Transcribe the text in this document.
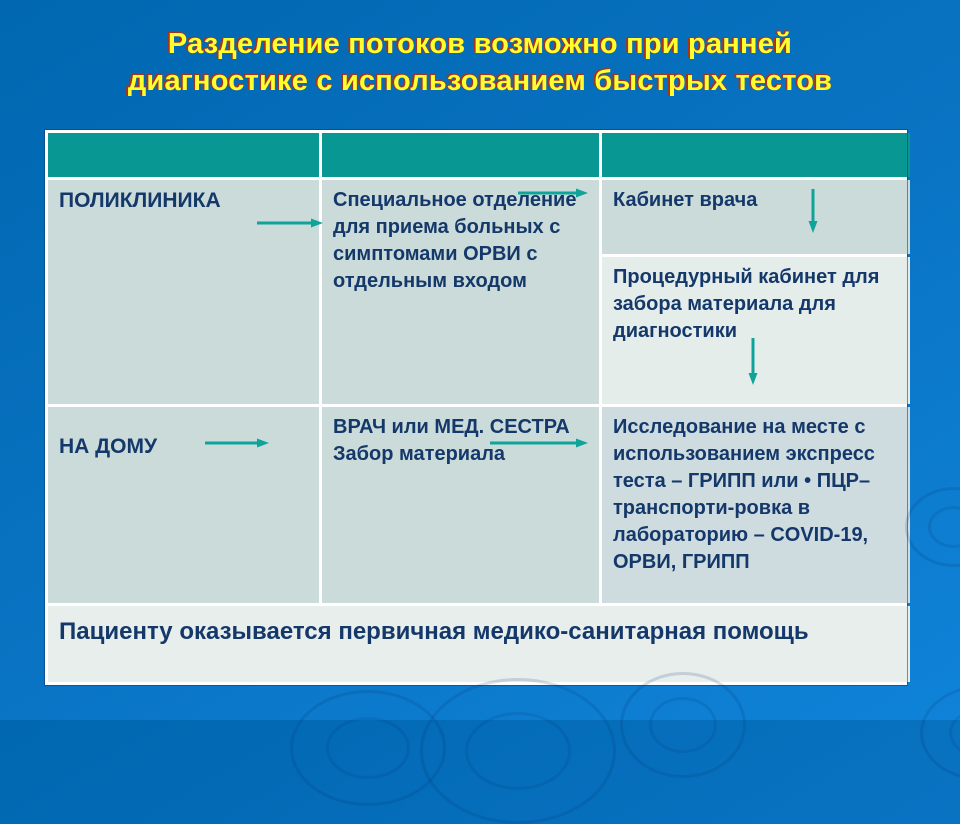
Разделение потоков возможно при ранней
диагностике с использованием быстрых тестов
ПОЛИКЛИНИКА	Специальное отделение для приема больных с симптомами ОРВИ с отдельным входом
Кабинет врача
Процедурный кабинет для забора материала для диагностики
НА ДОМУ
ВРАЧ или МЕД. СЕСТРА
Забор материала
Исследование на месте с использованием экспресс теста – ГРИПП или • ПЦР–транспорти-ровка в лабораторию – COVID-19, ОРВИ, ГРИПП
Пациенту оказывается первичная медико-санитарная помощь
